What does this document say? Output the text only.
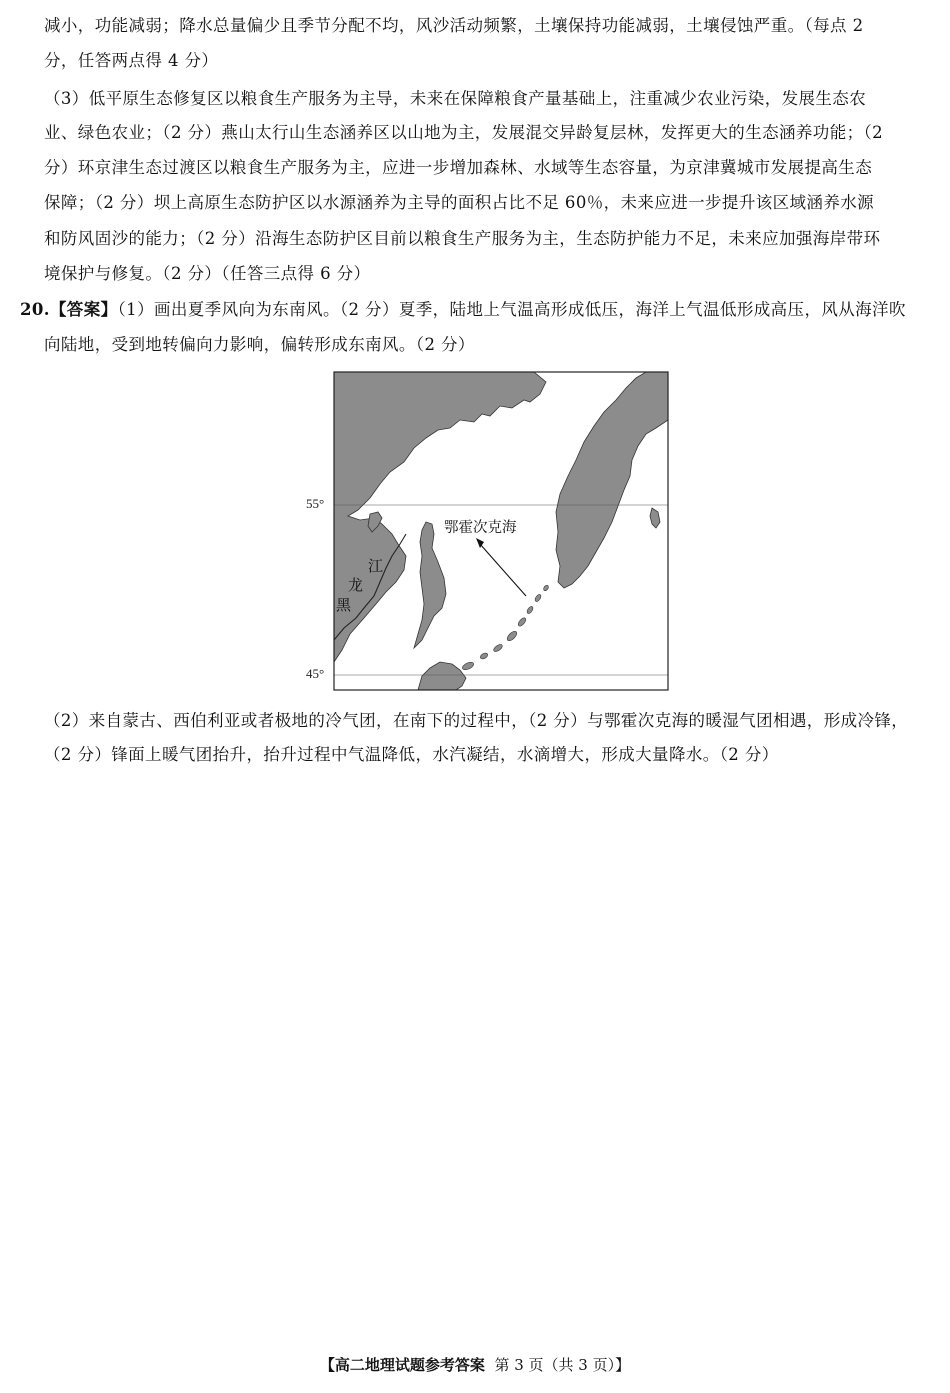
减小，功能减弱；降水总量偏少且季节分配不均，风沙活动频繁，土壤保持功能减弱，土壤侵蚀严重。（每点 2
分，任答两点得 4 分）
（3）低平原生态修复区以粮食生产服务为主导，未来在保障粮食产量基础上，注重减少农业污染，发展生态农
业、绿色农业；（2 分）燕山太行山生态涵养区以山地为主，发展混交异龄复层林，发挥更大的生态涵养功能；（2
分）环京津生态过渡区以粮食生产服务为主，应进一步增加森林、水域等生态容量，为京津冀城市发展提高生态
保障；（2 分）坝上高原生态防护区以水源涵养为主导的面积占比不足 60％，未来应进一步提升该区域涵养水源
和防风固沙的能力；（2 分）沿海生态防护区目前以粮食生产服务为主，生态防护能力不足，未来应加强海岸带环
境保护与修复。（2 分）（任答三点得 6 分）
20.【答案】（1）画出夏季风向为东南风。（2 分）夏季，陆地上气温高形成低压，海洋上气温低形成高压，风从海洋吹
向陆地，受到地转偏向力影响，偏转形成东南风。（2 分）
55°
45°
江
龙
黑
鄂霍次克海
（2）来自蒙古、西伯利亚或者极地的冷气团，在南下的过程中，（2 分）与鄂霍次克海的暖湿气团相遇，形成冷锋，
（2 分）锋面上暖气团抬升，抬升过程中气温降低，水汽凝结，水滴增大，形成大量降水。（2 分）
【高二地理试题参考答案 第 3 页（共 3 页）】
